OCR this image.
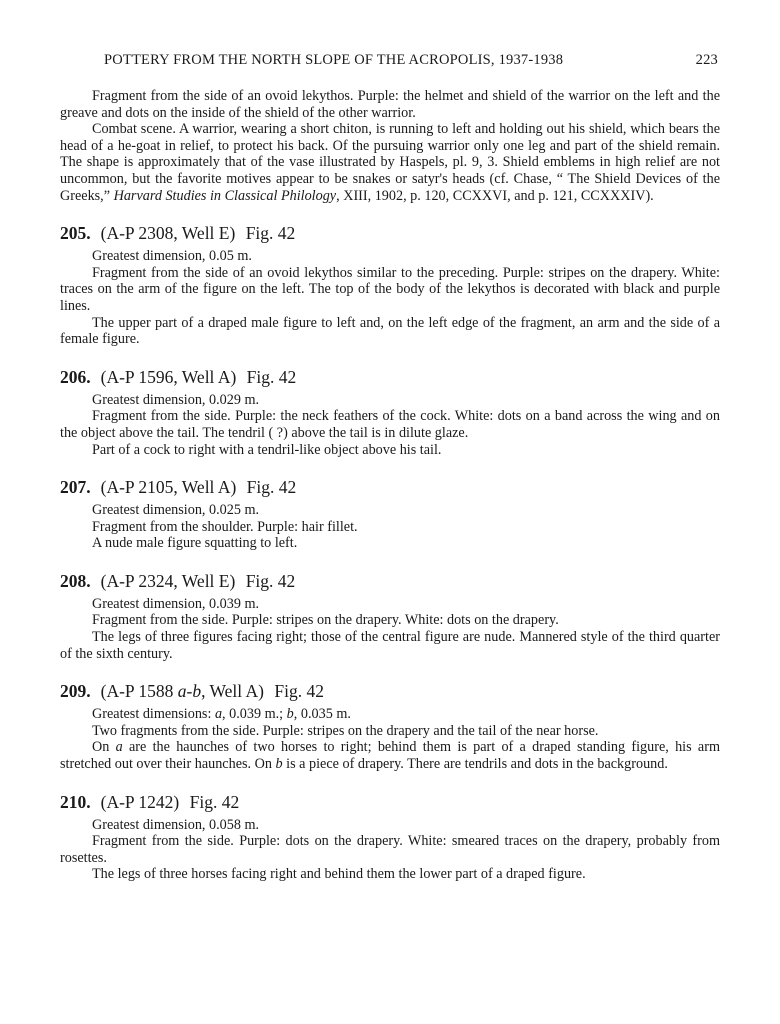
POTTERY FROM THE NORTH SLOPE OF THE ACROPOLIS, 1937-1938	223

Fragment from the side of an ovoid lekythos. Purple: the helmet and shield of the warrior on the left and the greave and dots on the inside of the shield of the other warrior.

Combat scene. A warrior, wearing a short chiton, is running to left and holding out his shield, which bears the head of a he-goat in relief, to protect his back. Of the pursuing warrior only one leg and part of the shield remain. The shape is approximately that of the vase illustrated by Haspels, pl. 9, 3. Shield emblems in high relief are not uncommon, but the favorite motives appear to be snakes or satyr's heads (cf. Chase, “ The Shield Devices of the Greeks,” Harvard Studies in Classical Philology, XIII, 1902, p. 120, CCXXVI, and p. 121, CCXXXIV).

205. (A-P 2308, Well E) Fig. 42

Greatest dimension, 0.05 m.

Fragment from the side of an ovoid lekythos similar to the preceding. Purple: stripes on the drapery. White: traces on the arm of the figure on the left. The top of the body of the lekythos is decorated with black and purple lines.

The upper part of a draped male figure to left and, on the left edge of the fragment, an arm and the side of a female figure.

206. (A-P 1596, Well A) Fig. 42

Greatest dimension, 0.029 m.

Fragment from the side. Purple: the neck feathers of the cock. White: dots on a band across the wing and on the object above the tail. The tendril ( ?) above the tail is in dilute glaze.

Part of a cock to right with a tendril-like object above his tail.

207. (A-P 2105, Well A) Fig. 42

Greatest dimension, 0.025 m.

Fragment from the shoulder. Purple: hair fillet.

A nude male figure squatting to left.

208. (A-P 2324, Well E) Fig. 42

Greatest dimension, 0.039 m.

Fragment from the side. Purple: stripes on the drapery. White: dots on the drapery.

The legs of three figures facing right; those of the central figure are nude. Mannered style of the third quarter of the sixth century.

209. (A-P 1588 a-b, Well A) Fig. 42

Greatest dimensions: a, 0.039 m.; b, 0.035 m.

Two fragments from the side. Purple: stripes on the drapery and the tail of the near horse.

On a are the haunches of two horses to right; behind them is part of a draped standing figure, his arm stretched out over their haunches. On b is a piece of drapery. There are tendrils and dots in the background.

210. (A-P 1242) Fig. 42

Greatest dimension, 0.058 m.

Fragment from the side. Purple: dots on the drapery. White: smeared traces on the drapery, probably from rosettes.

The legs of three horses facing right and behind them the lower part of a draped figure.
